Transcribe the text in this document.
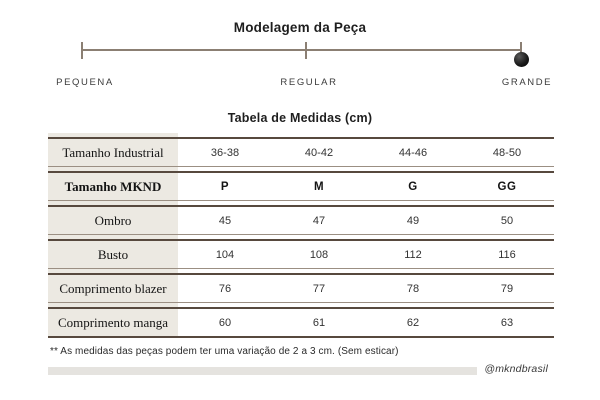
Modelagem da Peça
PEQUENA	REGULAR	GRANDE
Tabela de Medidas (cm)
Tamanho Industrial	36-38	40-42	44-46	48-50
Tamanho MKND	P	M	G	GG
Ombro	45	47	49	50
Busto	104	108	112	116
Comprimento blazer	76	77	78	79
Comprimento manga	60	61	62	63
** As medidas das peças podem ter uma variação de 2 a 3 cm. (Sem esticar)
@mkndbrasil
